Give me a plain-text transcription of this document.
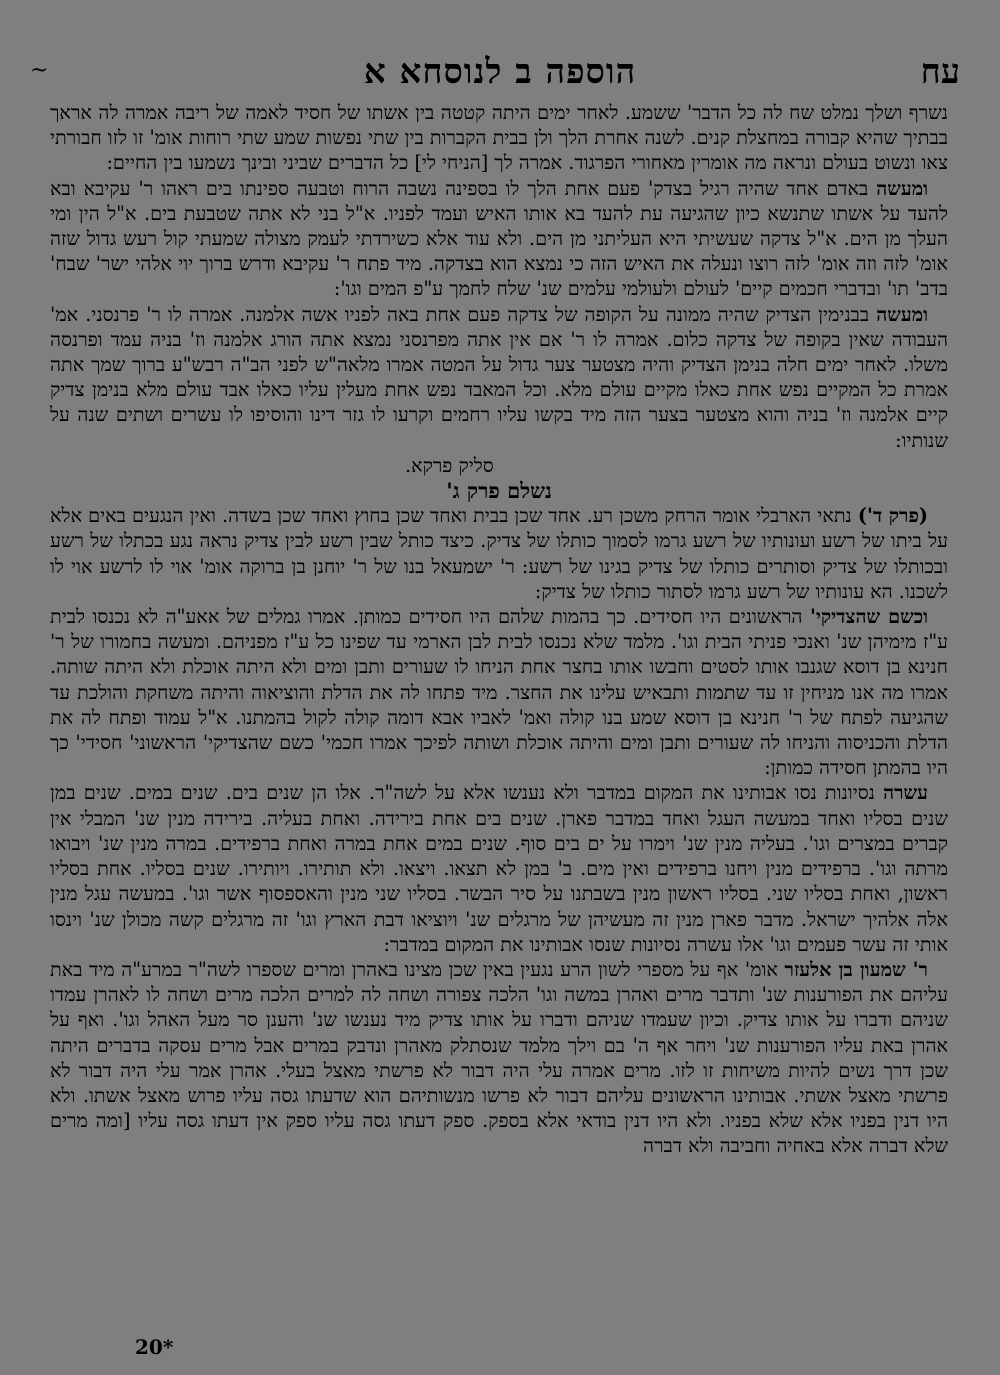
עח
הוספה ב לנוסחא א
~

נשרף ושלך נמלט שח לה כל הדבר' ששמע. לאחר ימים היתה קטטה בין אשתו של חסיד לאמה של ריבה אמרה לה אראך בבתיך שהיא קבורה במחצלת קנים. לשנה אחרת הלך ולן בבית הקברות בין שתי נפשות שמע שתי רוחות אומ' זו לזו חבורתי צאו ונשוט בעולם ונראה מה אומרין מאחורי הפרגוד. אמרה לך [הניחי לי] כל הדברים שביני ובינך נשמעו בין החיים:

ומעשה באדם אחד שהיה רגיל בצדק' פעם אחת הלך לו בספינה נשבה הרוח וטבעה ספינתו בים ראהו ר' עקיבא ובא להעד על אשתו שתנשא כיון שהגיעה עת להעד בא אותו האיש ועמד לפניו. א"ל בני לא אתה שטבעת בים. א"ל הין ומי העלך מן הים. א"ל צדקה שעשיתי היא העליתני מן הים. ולא עוד אלא כשירדתי לעמק מצולה שמעתי קול רעש גדול שזה אומ' לזה וזה אומ' לזה רוצו ונעלה את האיש הזה כי נמצא הוא בצדקה. מיד פתח ר' עקיבא ודרש ברוך יוי אלהי ישר' שבח' בדב' תו' ובדברי חכמים קיים' לעולם ולעולמי עלמים שנ' שלח לחמך ע"פ המים וגו':

ומעשה בבנימין הצדיק שהיה ממונה על הקופה של צדקה פעם אחת באה לפניו אשה אלמנה. אמרה לו ר' פרנסני. אמ' העבודה שאין בקופה של צדקה כלום. אמרה לו ר' אם אין אתה מפרנסני נמצא אתה הורג אלמנה וז' בניה עמד ופרנסה משלו. לאחר ימים חלה בנימן הצדיק והיה מצטער צער גדול על המטה אמרו מלאה"ש לפני הב"ה רבש"ע ברוך שמך אתה אמרת כל המקיים נפש אחת כאלו מקיים עולם מלא. וכל המאבד נפש אחת מעלין עליו כאלו אבד עולם מלא בנימן צדיק קיים אלמנה וז' בניה והוא מצטער בצער הזה מיד בקשו עליו רחמים וקרעו לו גזר דינו והוסיפו לו עשרים ושתים שנה על שנותיו:

סליק פרקא.

נשלם פרק ג'

(פרק ד') נתאי הארבלי אומר הרחק משכן רע. אחד שכן בבית ואחד שכן בחוץ ואחד שכן בשדה. ואין הנגעים באים אלא על ביתו של רשע ועונותיו של רשע גרמו לסמוך כותלו של צדיק. כיצד כותל שבין רשע לבין צדיק נראה נגע בכתלו של רשע ובכותלו של צדיק וסותרים כותלו של צדיק בגינו של רשע: ר' ישמעאל בנו של ר' יוחנן בן ברוקה אומ' אוי לו לרשע אוי לו לשכנו. הא עונותיו של רשע גרמו לסתור כותלו של צדיק:

וכשם שהצדיקי' הראשונים היו חסידים. כך בהמות שלהם היו חסידים כמותן. אמרו גמלים של אאע"ה לא נכנסו לבית ע"ז מימיהן שנ' ואנכי פניתי הבית וגו'. מלמד שלא נכנסו לבית לבן הארמי עד שפינו כל ע"ז מפניהם. ומעשה בחמורו של ר' חנינא בן דוסא שגנבו אותו לסטים וחבשו אותו בחצר אחת הניחו לו שעורים ותבן ומים ולא היתה אוכלת ולא היתה שותה. אמרו מה אנו מניחין זו עד שתמות ותבאיש עלינו את החצר. מיד פתחו לה את הדלת והוציאוה והיתה משחקת והולכת עד שהגיעה לפתח של ר' חנינא בן דוסא שמע בנו קולה ואמ' לאביו אבא דומה קולה לקול בהמתנו. א"ל עמוד ופתח לה את הדלת והכניסוה והניחו לה שעורים ותבן ומים והיתה אוכלת ושותה לפיכך אמרו חכמי' כשם שהצדיקי' הראשוני' חסידי' כך היו בהמתן חסידה כמותן:

עשרה נסיונות נסו אבותינו את המקום במדבר ולא נענשו אלא על לשה"ר. אלו הן שנים בים. שנים במים. שנים במן שנים בסליו ואחד במעשה העגל ואחד במדבר פארן. שנים בים אחת בירידה. ואחת בעליה. בירידה מנין שנ' המבלי אין קברים במצרים וגו'. בעליה מנין שנ' וימרו על ים בים סוף. שנים במים אחת במרה ואחת ברפידים. במרה מנין שנ' ויבואו מרתה וגו'. ברפידים מנין ויחנו ברפידים ואין מים. ב' במן לא תצאו. ויצאו. ולא תותירו. ויותירו. שנים בסליו. אחת בסליו ראשון, ואחת בסליו שני. בסליו ראשון מנין בשבתנו על סיר הבשר. בסליו שני מנין והאספסוף אשר וגו'. במעשה עגל מנין אלה אלהיך ישראל. מדבר פארן מנין זה מעשיהן של מרגלים שנ' ויוציאו דבת הארץ וגו' זה מרגלים קשה מכולן שנ' וינסו אותי זה עשר פעמים וגו' אלו עשרה נסיונות שנסו אבותינו את המקום במדבר:

ר' שמעון בן אלעזר אומ' אף על מספרי לשון הרע נגעין באין שכן מצינו באהרן ומרים שספרו לשה"ר במרע"ה מיד באת עליהם את הפורענות שנ' ותדבר מרים ואהרן במשה וגו' הלכה צפורה ושחה לה למרים הלכה מרים ושחה לו לאהרן עמדו שניהם ודברו על אותו צדיק. וכיון שעמדו שניהם ודברו על אותו צדיק מיד נענשו שנ' והענן סר מעל האהל וגו'. ואף על אהרן באת עליו הפורענות שנ' ויחר אף ה' בם וילך מלמד שנסתלק מאהרן ונדבק במרים אבל מרים עסקה בדברים היתה שכן דרך נשים להיות משיחות זו לזו. מרים אמרה עלי היה דבור לא פרשתי מאצל בעלי. אהרן אמר עלי היה דבור לא פרשתי מאצל אשתי. אבותינו הראשונים עליהם דבור לא פרשו מנשותיהם הוא שדעתו גסה עליו פרוש מאצל אשתו. ולא היו דנין בפניו אלא שלא בפניו. ולא היו דנין בודאי אלא בספק. ספק דעתו גסה עליו ספק אין דעתו גסה עליו [ומה מרים שלא דברה אלא באחיה וחביבה ולא דברה

20*
